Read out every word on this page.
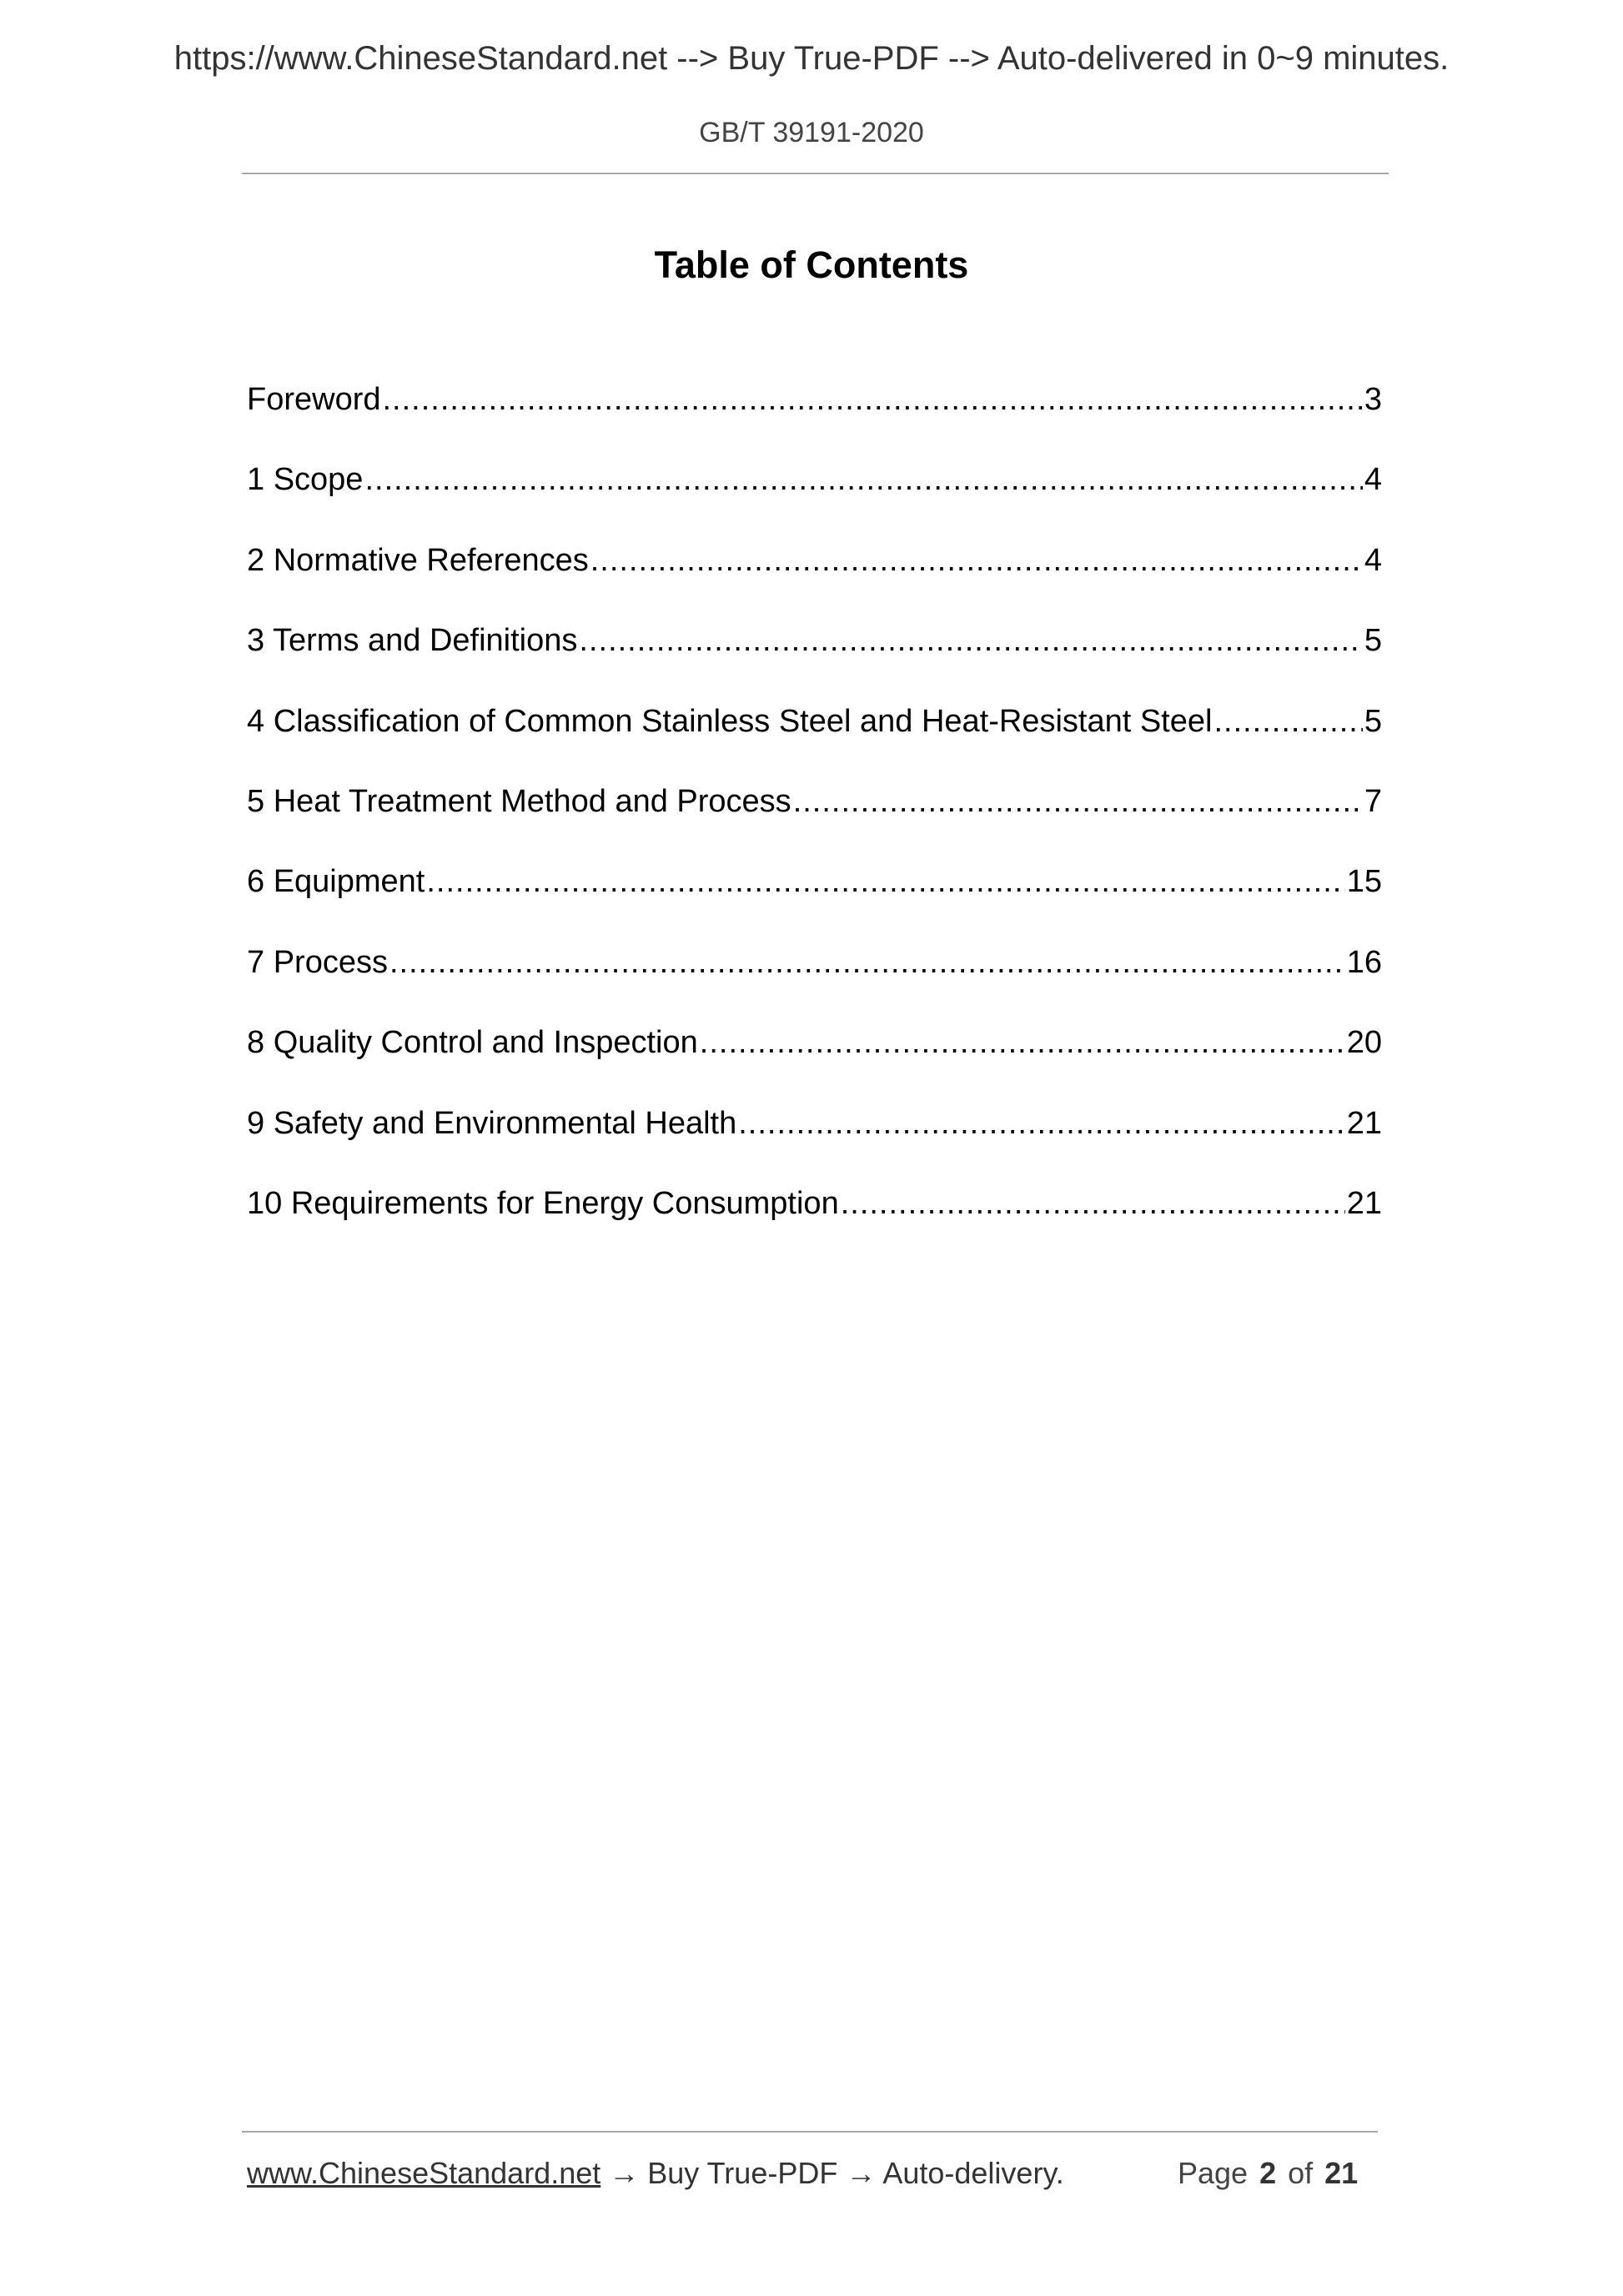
https://www.ChineseStandard.net --> Buy True-PDF --> Auto-delivered in 0~9 minutes.
GB/T 39191-2020
Table of Contents
Foreword .....	3
1 Scope .....	4
2 Normative References .....	4
3 Terms and Definitions .....	5
4 Classification of Common Stainless Steel and Heat-Resistant Steel .....	5
5 Heat Treatment Method and Process .....	7
6 Equipment .....	15
7 Process .....	16
8 Quality Control and Inspection .....	20
9 Safety and Environmental Health .....	21
10 Requirements for Energy Consumption .....	21
www.ChineseStandard.net → Buy True-PDF → Auto-delivery.	Page 2 of 21
